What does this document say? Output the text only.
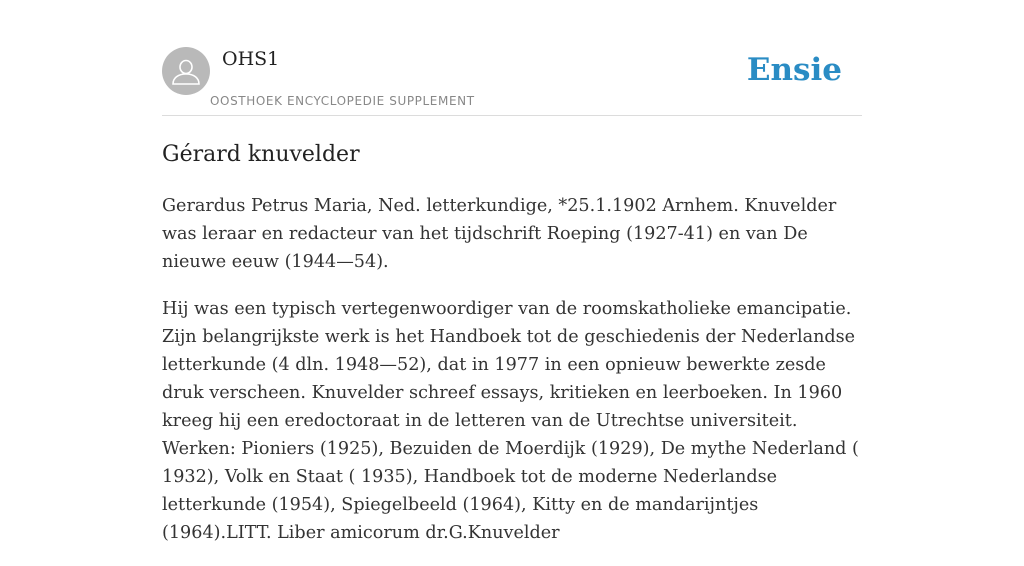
OHS1
OOSTHOEK ENCYCLOPEDIE SUPPLEMENT
Ensie
Gérard knuvelder

Gerardus Petrus Maria, Ned. letterkundige, *25.1.1902 Arnhem. Knuvelder was leraar en redacteur van het tijdschrift Roeping (1927-41) en van De nieuwe eeuw (1944—54).

Hij was een typisch vertegenwoordiger van de roomskatholieke emancipatie. Zijn belangrijkste werk is het Handboek tot de geschiedenis der Nederlandse letterkunde (4 dln. 1948—52), dat in 1977 in een opnieuw bewerkte zesde druk verscheen. Knuvelder schreef essays, kritieken en leerboeken. In 1960 kreeg hij een eredoctoraat in de letteren van de Utrechtse universiteit. Werken: Pioniers (1925), Bezuiden de Moerdijk (1929), De mythe Nederland ( 1932), Volk en Staat ( 1935), Handboek tot de moderne Nederlandse letterkunde (1954), Spiegelbeeld (1964), Kitty en de mandarijntjes (1964).LITT. Liber amicorum dr.G.Knuvelder
